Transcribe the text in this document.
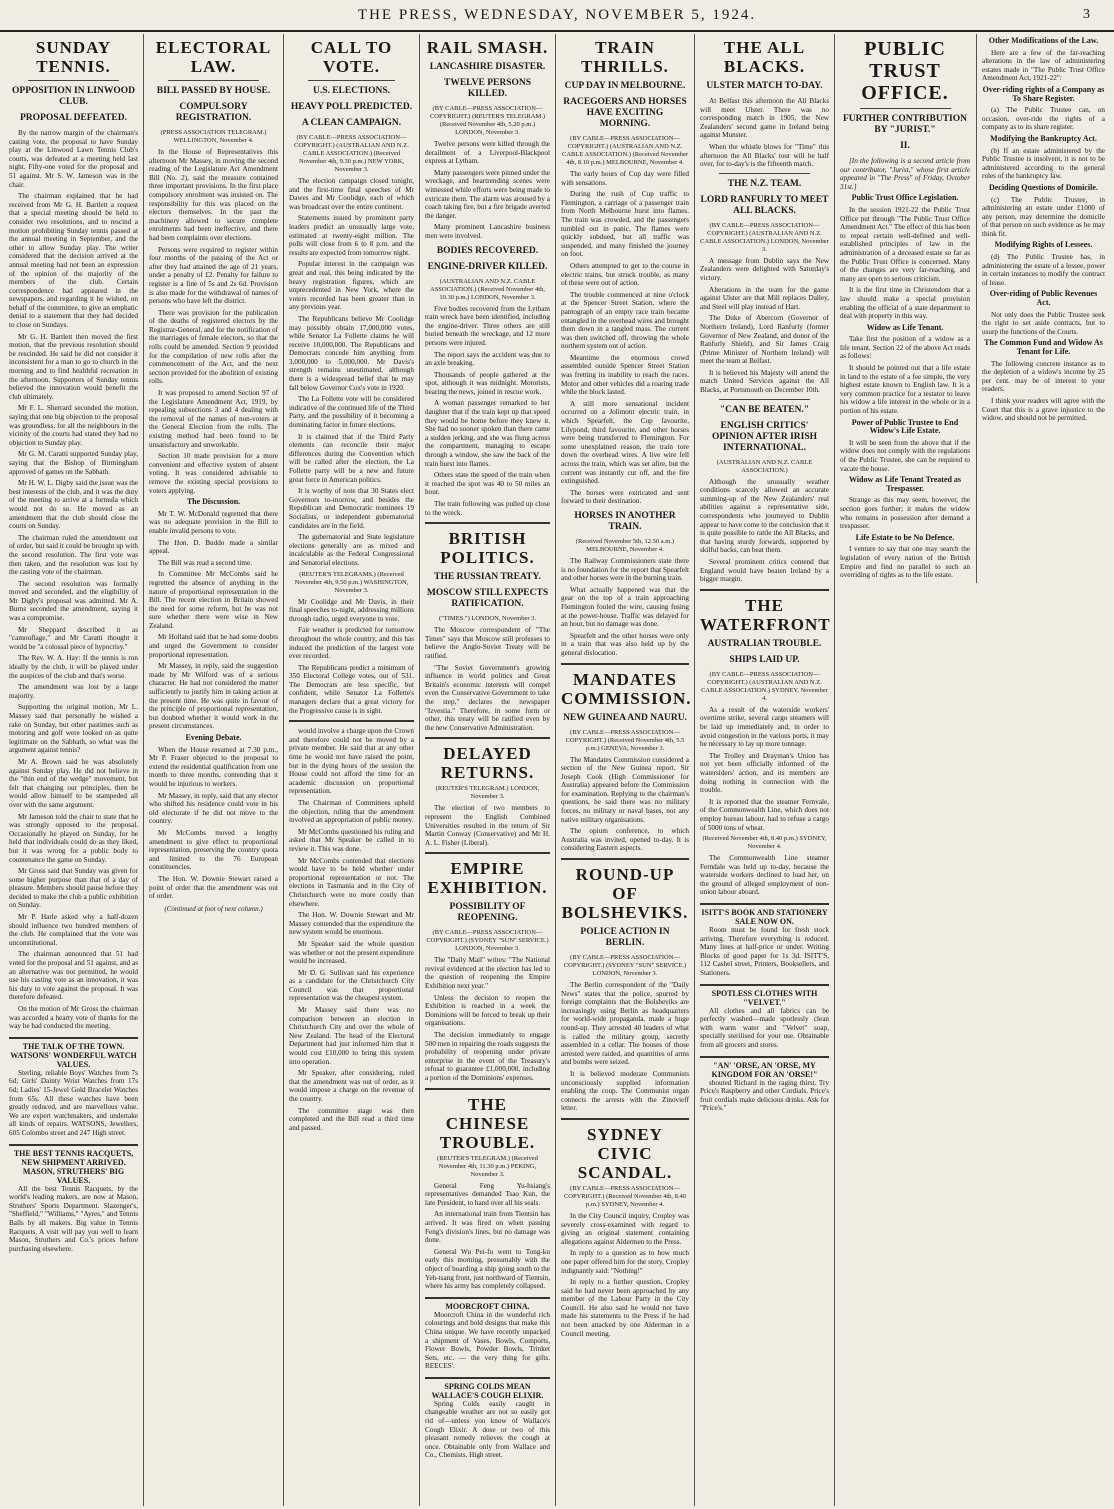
THE PRESS, WEDNESDAY, NOVEMBER 5, 1924.	3
SUNDAY TENNIS.
OPPOSITION IN LINWOOD CLUB.
PROPOSAL DEFEATED.

By the narrow margin of the chairman's casting vote, the proposal to have Sunday play at the Linwood Lawn Tennis Club's courts, was defeated at a meeting held last night. Fifty-one voted for the proposal and 51 against. Mr S. W. Jameson was in the chair.

The chairman explained that he had received from Mr G. H. Bartlett a request that a special meeting should be held to consider two resolutions, and to rescind a motion prohibiting Sunday tennis passed at the annual meeting in September, and the other to allow Sunday play. The writer considered that the decision arrived at the annual meeting had not been an expression of the opinion of the majority of the members of the club. Certain correspondence had appeared in the newspapers, and regarding it he wished, on behalf of the committee, to give an emphatic denial to a statement that they had decided to close on Sundays.

Mr G. H. Bartlett then moved the first motion, that the previous resolution should be rescinded. He said he did not consider it inconsistent for a man to go to church in the morning and to find healthful recreation in the afternoon. Supporters of Sunday tennis believed the innovation would benefit the club ultimately.

Mr F. L. Sherrard seconded the motion, saying that one big objection to the proposal was groundless, for all the neighbours in the vicinity of the courts had stated they had no objection to Sunday play.

Mr G. M. Caratti supported Sunday play, saying that the Bishop of Birmingham approved of games on the Sabbath.

Mr H. W. L. Digby said the issue was the best interests of the club, and it was the duty of the meeting to arrive at a formula which would not do so. He moved as an amendment that the club should close the courts on Sunday.

The chairman ruled the amendment out of order, but said it could be brought up with the second resolution. The first vote was then taken, and the resolution was lost by the casting vote of the chairman.

The second resolution was formally moved and seconded, and the eligibility of Mr Digby's proposal was admitted. Mr A. Burns seconded the amendment, saying it was a compromise.

Mr Sheppard described it as "camouflage," and Mr Caratti thought it would be "a colossal piece of hypocrisy."

The Rev. W. A. Hay: If the tennis is run ideally by the club, it will be played under the auspices of the club and that's worse.

The amendment was lost by a large majority.

Supporting the original motion, Mr L. Massey said that personally he wished a rake on Sunday, but other pastimes such as motoring and golf were looked on as quite legitimate on the Sabbath, so what was the argument against tennis?

Mr A. Brown said he was absolutely against Sunday play. He did not believe in the "thin end of the wedge" movement, but felt that changing our principles, then he would allow himself to be stampeded all over with the same argument.

Mr Jameson told the chair to state that he was strongly opposed to the proposal. Occasionally he played on Sunday, for he held that individuals could do as they liked, but it was wrong for a public body to countenance the game on Sunday.

Mr Gross said that Sunday was given for some higher purpose than that of a day of pleasure. Members should pause before they decided to make the club a public exhibition on Sunday.

Mr P. Harle asked why a half-dozen should influence two hundred members of the club. He complained that the vote was unconstitutional.

The chairman announced that 51 had voted for the proposal and 51 against, and as an alternative was not permitted, he would use his casting vote as an innovation, it was his duty to vote against the proposal. It was therefore defeated.

On the motion of Mr Gross the chairman was accorded a hearty vote of thanks for the way he had conducted the meeting.

THE TALK OF THE TOWN. WATSONS' WONDERFUL WATCH VALUES.

Sterling, reliable Boys' Watches from 7s 6d; Girls' Dainty Wrist Watches from 17s 6d; Ladies' 15-Jewel Gold Bracelet Watches from 65s. All these watches have been greatly reduced, and are marvellous value. We are expert watchmakers, and undertake all kinds of repairs. WATSONS, Jewellers, 605 Colombo street and 247 High street.

THE BEST TENNIS RACQUETS, NEW SHIPMENT ARRIVED. MASON, STRUTHERS' BIG VALUES.

All the best Tennis Racquets, by the world's leading makers, are now at Mason, Struthers' Sports Department. Slazenger's, "Sheffield," "Williams," "Ayres," and Tennis Balls by all makers. Big value in Tennis Racquets. A visit will pay you well to learn Mason, Struthers and Co.'s prices before purchasing elsewhere.

ELECTORAL LAW.
BILL PASSED BY HOUSE.
COMPULSORY REGISTRATION.
(PRESS ASSOCIATION TELEGRAM.) WELLINGTON, November 4.

In the House of Representatives this afternoon Mr Massey, in moving the second reading of the Legislature Act Amendment Bill (No. 2), said the measure contained three important provisions. In the first place compulsory enrolment was insisted on. The responsibility for this was placed on the electors themselves. In the past the machinery allowed to secure complete enrolments had been ineffective, and there had been complaints over elections.

Persons were required to register within four months of the passing of the Act or after they had attained the age of 21 years, under a penalty of £2. Penalty for failure to register is a fine of 5s and 2s 6d. Provision is also made for the withdrawal of names of persons who have left the district.

There was provision for the publication of the deaths of registered electors by the Registrar-General, and for the notification of the marriages of female electors, so that the rolls could be amended. Section 9 provided for the compilation of new rolls after the commencement of the Act, and the next section provided for the abolition of existing rolls.

It was proposed to amend Section 97 of the Legislature Amendment Act, 1919, by repealing subsections 3 and 4 dealing with the removal of the names of non-voters at the General Election from the rolls. The existing method had been found to be unsatisfactory and unworkable.

Section 10 made provision for a more convenient and effective system of absent voting. It was considered advisable to remove the existing special provisions to voters applying.

The Discussion.

Mr T. W. McDonald regretted that there was no adequate provision in the Bill to enable invalid persons to vote.

The Hon. D. Buddo made a similar appeal.

The Bill was read a second time.

In Committee Mr McCombs said he regretted the absence of anything in the nature of proportional representation in the Bill. The recent election in Britain showed the need for some reform, but he was not sure whether there were wise in New Zealand.

Mr Holland said that he had some doubts and urged the Government to consider proportional representation.

Mr Massey, in reply, said the suggestion made by Mr Wilford was of a serious character. He had not considered the matter sufficiently to justify him in taking action at the present time. He was quite in favour of the principle of proportional representation, but doubted whether it would work in the present circumstances.

Evening Debate.

When the House resumed at 7.30 p.m., Mr P. Fraser objected to the proposal to extend the residential qualification from one month to three months, contending that it would be injurious to workers.

Mr Massey, in reply, said that any elector who shifted his residence could vote in his old electorate if he did not move to the country.

Mr McCombs moved a lengthy amendment to give effect to proportional representation, preserving the country quota and limited to the 76 European constituencies.

The Hon. W. Downie Stewart raised a point of order that the amendment was out of order.

(Continued at foot of next column.)
CALL TO VOTE.
U.S. ELECTIONS.
HEAVY POLL PREDICTED.
A CLEAN CAMPAIGN.
(BY CABLE—PRESS ASSOCIATION—COPYRIGHT.) (AUSTRALIAN AND N.Z. CABLE ASSOCIATION.) (Received November 4th, 9.30 p.m.) NEW YORK, November 3.

The election campaign closed tonight, and the first-time final speeches of Mr Dawes and Mr Coolidge, each of which was broadcast over the entire continent.

Statements issued by prominent party leaders predict an unusually large vote, estimated at twenty-eight million. The polls will close from 6 to 8 p.m. and the results are expected from tomorrow night.

Popular interest in the campaign was great and real, this being indicated by the heavy registration figures, which are unprecedented in New York, where the voters recorded has been greater than in any previous year.

The Republicans believe Mr Coolidge may possibly obtain 17,000,000 votes, while Senator La Follette claims he will receive 10,000,000. The Republicans and Democrats concede him anything from 3,000,000 to 5,000,000. Mr Davis's strength remains unestimated, although there is a widespread belief that he may fall below Governor Cox's vote in 1920.

The La Follette vote will be considered indicative of the continued life of the Third Party, and the possibility of it becoming a dominating factor in future elections.

It is claimed that if the Third Party elements can reconcile their major differences during the Convention which will be called after the election, the La Follette party will be a new and future great force in American politics.

It is worthy of note that 30 States elect Governors to-morrow, and besides the Republican and Democratic nominees 19 Socialists, or independent gubernatorial candidates are in the field.

The gubernatorial and State legislature elections generally are as mixed and incalculable as the Federal Congressional and Senatorial elections.

(REUTER'S TELEGRAMS.) (Received November 4th, 9.50 p.m.) WASHINGTON, November 3.

Mr Coolidge and Mr Davis, in their final speeches to-night, addressing millions through radio, urged everyone to vote.

Fair weather is predicted for tomorrow throughout the whole country, and this has induced the prediction of the largest vote ever recorded.

The Republicans predict a minimum of 350 Electoral College votes, out of 531. The Democrats are less specific, but confident, while Senator La Follette's managers declare that a great victory for the Progressive cause is in sight.

would involve a charge upon the Crown and therefore could not be moved by a private member. He said that at any other time he would not have raised the point, but in the dying hours of the session the House could not afford the time for an academic discussion on proportional representation.

The Chairman of Committees upheld the objection, ruling that the amendment involved an appropriation of public money.

Mr McCombs questioned his ruling and asked that Mr Speaker be called in to review it. This was done.

Mr McCombs contended that elections would have to be held whether under proportional representation or not. The elections in Tasmania and in the City of Christchurch were no more costly than elsewhere.

The Hon. W. Downie Stewart and Mr Massey contended that the expenditure the new system would be enormous.

Mr Speaker said the whole question was whether or not the present expenditure would be increased.

Mr D. G. Sullivan said his experience as a candidate for the Christchurch City Council was that proportional representation was the cheapest system.

Mr Massey said there was no comparison between an election in Christchurch City and over the whole of New Zealand. The head of the Electoral Department had just informed him that it would cost £10,000 to bring this system into operation.

Mr Speaker, after considering, ruled that the amendment was out of order, as it would impose a charge on the revenue of the country.

The committee stage was then completed and the Bill read a third time and passed.

RAIL SMASH.
LANCASHIRE DISASTER.
TWELVE PERSONS KILLED.
(BY CABLE—PRESS ASSOCIATION—COPYRIGHT.) (REUTER'S TELEGRAM.) (Received November 4th, 5.20 p.m.) LONDON, November 3.

Twelve persons were killed through the derailment of a Liverpool-Blackpool express at Lytham.

Many passengers were pinned under the wreckage, and heartrending scenes were witnessed while efforts were being made to extricate them. The alarm was aroused by a coach taking fire, but a fire brigade averted the danger.

Many prominent Lancashire business men were involved.

BODIES RECOVERED.
ENGINE-DRIVER KILLED.
(AUSTRALIAN AND N.Z. CABLE ASSOCIATION.) (Received November 4th, 10.30 p.m.) LONDON, November 3.

Five bodies recovered from the Lytham train wreck have been identified, including the engine-driver. Three others are still buried beneath the wreckage, and 12 more persons were injured.

The report says the accident was due to an axle breaking.

Thousands of people gathered at the spot, although it was midnight. Motorists, bearing the news, joined in rescue work.

A woman passenger remarked to her daughter that if the train kept up that speed they would be home before they knew it. She had no sooner spoken than there came a sudden jerking, and she was flung across the compartment, managing to escape through a window, she saw the back of the train burst into flames.

Others state the speed of the train when it reached the spot was 40 to 50 miles an hour.

The train following was pulled up close to the wreck.

BRITISH POLITICS.
THE RUSSIAN TREATY.
MOSCOW STILL EXPECTS RATIFICATION.
("TIMES.") LONDON, November 3.

The Moscow correspondent of "The Times" says that Moscow still professes to believe the Anglo-Soviet Treaty will be ratified.

"The Soviet Government's growing influence in world politics and Great Britain's economic interests will compel even the Conservative Government to take the step," declares the newspaper "Izvestia." Therefore, in some form or other, this treaty will be ratified even by the new Conservative Administration.

DELAYED RETURNS.
(REUTER'S TELEGRAM.) LONDON, November 3.

The election of two members to represent the English Combined Universities resulted in the return of Sir Martin Conway (Conservative) and Mr H. A. L. Fisher (Liberal).

EMPIRE EXHIBITION.
POSSIBILITY OF REOPENING.
(BY CABLE—PRESS ASSOCIATION—COPYRIGHT.) (SYDNEY "SUN" SERVICE.) LONDON, November 3.

The "Daily Mail" writes: "The National revival evidenced at the election has led to the question of reopening the Empire Exhibition next year."

Unless the decision to reopen the Exhibition is reached in a week the Dominions will be forced to break up their organisations.

The decision immediately to engage 500 men in repairing the roads suggests the probability of reopening under private enterprise in the event of the Treasury's refusal to guarantee £1,000,000, including a portion of the Dominions' expenses.

THE CHINESE TROUBLE.
(REUTER'S TELEGRAM.) (Received November 4th, 11.30 p.m.) PEKING, November 3.

General Feng Yu-hsiang's representatives demanded Tsao Kun, the late President, to hand over all his seals.

An international train from Tientsin has arrived. It was fired on when passing Feng's division's lines, but no damage was done.

General Wu Pei-fu went to Tong-ku early this morning, presumably with the object of boarding a ship going south to the Yeh-tsang front, just northward of Tientsin, where his army has completely collapsed.

MOORCROFT CHINA.

Moorcroft China in the wonderful rich colourings and bold designs that make this China unique. We have recently unpacked a shipment of Vases, Bowls, Comports, Flower Bowls, Powder Bowls, Trinket Sets, etc. — the very thing for gifts. REECES'.

SPRING COLDS MEAN WALLACE'S COUGH ELIXIR.

Spring Colds easily caught in changeable weather are not so easily got rid of—unless you know of Wallace's Cough Elixir. A dose or two of this pleasant remedy relieves the cough at once. Obtainable only from Wallace and Co., Chemists, High street.

TRAIN THRILLS.
CUP DAY IN MELBOURNE.
RACEGOERS AND HORSES HAVE EXCITING MORNING.
(BY CABLE—PRESS ASSOCIATION—COPYRIGHT.) (AUSTRALIAN AND N.Z. CABLE ASSOCIATION.) (Received November 4th, 8.10 p.m.) MELBOURNE, November 4.

The early hours of Cup day were filled with sensations.

During the rush of Cup traffic to Flemington, a carriage of a passenger train from North Melbourne burst into flames. The train was crowded, and the passengers tumbled out in panic. The flames were quickly subdued, but all traffic was suspended, and many finished the journey on foot.

Others attempted to get to the course in electric trains, but struck trouble, as many of these were out of action.

The trouble commenced at nine o'clock at the Spencer Street Station, where the pantograph of an empty race train became entangled in the overhead wires and brought them down in a tangled mass. The current was then switched off, throwing the whole northern system out of action.

Meantime the enormous crowd assembled outside Spencer Street Station was fretting its inability to reach the races. Motor and other vehicles did a roaring trade while the block lasted.

A still more sensational incident occurred on a Jolimont electric train, in which Spearfelt, the Cup favourite, Lilypond, third favourite, and other horses were being transferred to Flemington. For some unexplained reason, the train tore down the overhead wires. A live wire fell across the train, which was set afire, but the current was instantly cut off, and the fire extinguished.

The horses were extricated and sent forward to their destination.

HORSES IN ANOTHER TRAIN.
(Received November 5th, 12.50 a.m.) MELBOURNE, November 4.

The Railway Commissioners state there is no foundation for the report that Spearfelt and other horses were in the burning train.

What actually happened was that the gear on the top of a train approaching Flemington fouled the wire, causing fusing at the power-house. Traffic was delayed for an hour, but no damage was done.

Spearfelt and the other horses were only in a train that was also held up by the general dislocation.

MANDATES COMMISSION.
NEW GUINEA AND NAURU.
(BY CABLE—PRESS ASSOCIATION—COPYRIGHT.) (Received November 4th, 5.5 p.m.) GENEVA, November 3.

The Mandates Commission considered a section of the New Guinea report. Sir Joseph Cook (High Commissioner for Australia) appeared before the Commission for examination. Replying to the chairman's questions, he said there was no military forces, no military or naval bases, nor any native military organisations.

The opium conference, to which Australia was invited, opened to-day. It is considering Eastern aspects.

ROUND-UP OF BOLSHEVIKS.
POLICE ACTION IN BERLIN.
(BY CABLE—PRESS ASSOCIATION—COPYRIGHT.) (SYDNEY "SUN" SERVICE.) LONDON, November 3.

The Berlin correspondent of the "Daily News" states that the police, spurred by foreign complaints that the Bolsheviks are increasingly using Berlin as headquarters for world-wide propaganda, made a huge round-up. They arrested 40 leaders of what is called the military group, secretly assembled in a cellar. The houses of those arrested were raided, and quantities of arms and bombs were seized.

It is believed moderate Communists unconsciously supplied information enabling the coup. The Communist organ connects the arrests with the Zinovieff letter.

SYDNEY CIVIC SCANDAL.
(BY CABLE—PRESS ASSOCIATION—COPYRIGHT.) (Received November 4th, 8.40 p.m.) SYDNEY, November 4.

In the City Council inquiry, Cropley was severely cross-examined with regard to giving an original statement containing allegations against Aldermen to the Press.

In reply to a question as to how much one paper offered him for the story, Cropley indignantly said: "Nothing!"

In reply to a further question, Cropley said he had never been approached by any member of the Labour Party in the City Council. He also said he would not have made his statements to the Press if he had not been attacked by one Alderman in a Council meeting.

THE ALL BLACKS.
ULSTER MATCH TO-DAY.

At Belfast this afternoon the All Blacks will meet Ulster. There was no corresponding match in 1905, the New Zealanders' second game in Ireland being against Munster.

When the whistle blows for "Time" this afternoon the All Blacks' tour will be half over, for to-day's is the fifteenth match.

THE N.Z. TEAM.
LORD RANFURLY TO MEET ALL BLACKS.
(BY CABLE—PRESS ASSOCIATION—COPYRIGHT.) (AUSTRALIAN AND N.Z. CABLE ASSOCIATION.) LONDON, November 3.

A message from Dublin says the New Zealanders were delighted with Saturday's victory.

Alterations in the team for the game against Ulster are that Mill replaces Dalley, and Steel will play instead of Hart.

The Duke of Abercorn (Governor of Northern Ireland), Lord Ranfurly (former Governor of New Zealand, and donor of the Ranfurly Shield), and Sir James Craig (Prime Minister of Northern Ireland) will meet the team at Belfast.

It is believed his Majesty will attend the match United Services against the All Blacks, at Portsmouth on December 10th.

"CAN BE BEATEN."
ENGLISH CRITICS' OPINION AFTER IRISH INTERNATIONAL.
(AUSTRALIAN AND N.Z. CABLE ASSOCIATION.)

Although the unusually weather conditions scarcely allowed an accurate summing-up of the New Zealanders' real abilities against a representative side, correspondents who journeyed to Dublin appear to have come to the conclusion that it is quite possible to rattle the All Blacks, and that having sturdy forwards, supported by skilful backs, can beat them.

Several prominent critics contend that England would have beaten Ireland by a bigger margin.

THE WATERFRONT
AUSTRALIAN TROUBLE.
SHIPS LAID UP.
(BY CABLE—PRESS ASSOCIATION—COPYRIGHT.) (AUSTRALIAN AND N.Z. CABLE ASSOCIATION.) SYDNEY, November 4.

As a result of the waterside workers' overtime strike, several cargo steamers will be laid up immediately and, in order to avoid congestion in the various ports, it may be necessary to lay up more tonnage.

The Trolley and Drayman's Union has not yet been officially informed of the watersiders' action, and its members are doing nothing in connection with the trouble.

It is reported that the steamer Fernvale, of the Commonwealth Line, which does not employ bureau labour, had to refuse a cargo of 5000 tons of wheat.

(Received November 4th, 8.40 p.m.) SYDNEY, November 4.

The Commonwealth Line steamer Ferndale was held up to-day, because the waterside workers declined to load her, on the ground of alleged employment of non-union labour aboard.

ISITT'S BOOK AND STATIONERY SALE NOW ON.

Room must be found for fresh stock arriving. Therefore everything is reduced. Many lines at half-price or under. Writing Blocks of good paper for 1s 3d. ISITT'S, 112 Cashel street, Printers, Booksellers, and Stationers.

SPOTLESS CLOTHES WITH "VELVET."

All clothes and all fabrics can be perfectly washed—made spotlessly clean with warm water and "Velvet" soap, specially sterilised for your use. Obtainable from all grocers and stores.

"AN' 'ORSE, AN 'ORSE, MY KINGDOM FOR AN 'ORSE!"

shouted Richard in the raging thirst. Try Price's Raspberry and other Cordials. Price's fruit cordials make delicious drinks. Ask for "Price's."

PUBLIC TRUST OFFICE.
FURTHER CONTRIBUTION BY "JURIST."
II.

[In the following is a second article from our contributor, "Jurist," whose first article appeared in "The Press" of Friday, October 31st.]

Public Trust Office Legislation.

In the session 1921-22 the Public Trust Office put through "The Public Trust Office Amendment Act." The effect of this has been to repeal certain well-defined and well-established principles of law in the administration of a deceased estate so far as the Public Trust Office is concerned. Many of the changes are very far-reaching, and many are open to serious criticism.

It is the first time in Christendom that a law should make a special provision enabling the official of a state department to deal with property in this way.

Widow as Life Tenant.

Take first the position of a widow as a life tenant. Section 22 of the above Act reads as follows:

It should be pointed out that a life estate in land to the estate of a fee simple, the very highest estate known to English law. It is a very common practice for a testator to leave his widow a life interest in the whole or in a portion of his estate.

Power of Public Trustee to End Widow's Life Estate.

It will be seen from the above that if the widow does not comply with the regulations of the Public Trustee, she can be required to vacate the house.

Widow as Life Tenant Treated as Trespasser.

Strange as this may seem, however, the section goes further; it makes the widow who remains in possession after demand a trespasser.

Life Estate to be No Defence.

I venture to say that one may search the legislation of every nation of the British Empire and find no parallel to such an overriding of rights as to the life estate.

Other Modifications of the Law.

Here are a few of the far-reaching alterations in the law of administering estates made in "The Public Trust Office Amendment Act, 1921-22":

Over-riding rights of a Company as To Share Register.

(a) The Public Trustee can, on occasion, over-ride the rights of a company as to its share register.

Modifying the Bankruptcy Act.

(b) If an estate administered by the Public Trustee is insolvent, it is not to be administered according to the general rules of the bankruptcy law.

Deciding Questions of Domicile.

(c) The Public Trustee, in administering an estate under £1000 of any person, may determine the domicile of that person on such evidence as he may think fit.

Modifying Rights of Lessees.

(d) The Public Trustee has, in administering the estate of a lessee, power in certain instances to modify the contract of lease.

Over-riding of Public Revenues Act.

Not only does the Public Trustee seek the right to set aside contracts, but to usurp the functions of the Courts.

The Common Fund and Widow As Tenant for Life.

The following concrete instance as to the depletion of a widow's income by 25 per cent. may be of interest to your readers.

I think your readers will agree with the Court that this is a grave injustice to the widow, and should not be permitted.
